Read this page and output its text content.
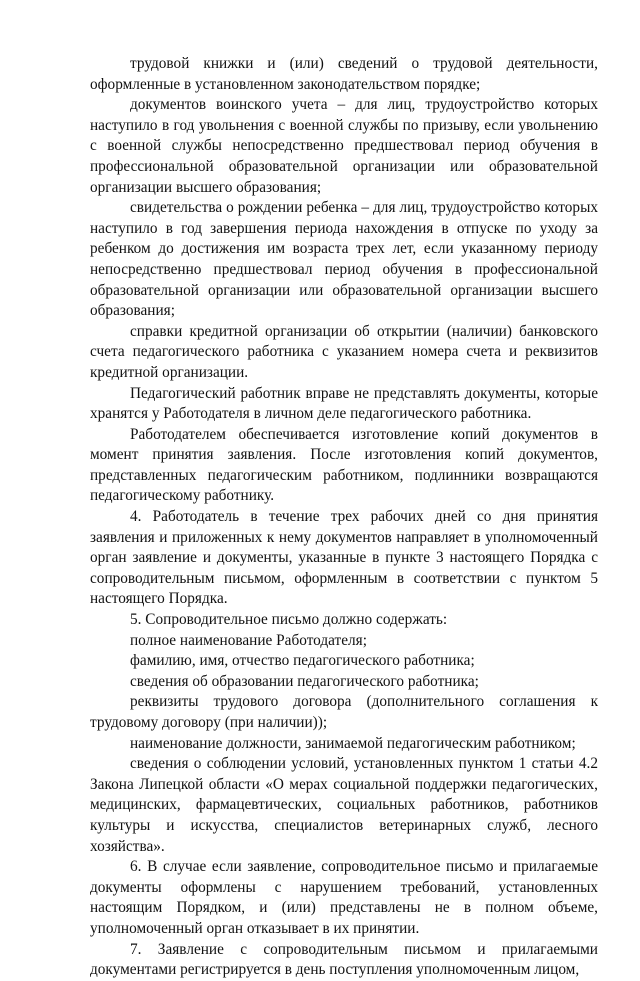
трудовой книжки и (или) сведений о трудовой деятельности, оформленные в установленном законодательством порядке;

документов воинского учета – для лиц, трудоустройство которых наступило в год увольнения с военной службы по призыву, если увольнению с военной службы непосредственно предшествовал период обучения в профессиональной образовательной организации или образовательной организации высшего образования;

свидетельства о рождении ребенка – для лиц, трудоустройство которых наступило в год завершения периода нахождения в отпуске по уходу за ребенком до достижения им возраста трех лет, если указанному периоду непосредственно предшествовал период обучения в профессиональной образовательной организации или образовательной организации высшего образования;

справки кредитной организации об открытии (наличии) банковского счета педагогического работника с указанием номера счета и реквизитов кредитной организации.

Педагогический работник вправе не представлять документы, которые хранятся у Работодателя в личном деле педагогического работника.

Работодателем обеспечивается изготовление копий документов в момент принятия заявления. После изготовления копий документов, представленных педагогическим работником, подлинники возвращаются педагогическому работнику.

4. Работодатель в течение трех рабочих дней со дня принятия заявления и приложенных к нему документов направляет в уполномоченный орган заявление и документы, указанные в пункте 3 настоящего Порядка с сопроводительным письмом, оформленным в соответствии с пунктом 5 настоящего Порядка.

5. Сопроводительное письмо должно содержать:

полное наименование Работодателя;

фамилию, имя, отчество педагогического работника;

сведения об образовании педагогического работника;

реквизиты трудового договора (дополнительного соглашения к трудовому договору (при наличии));

наименование должности, занимаемой педагогическим работником;

сведения о соблюдении условий, установленных пунктом 1 статьи 4.2 Закона Липецкой области «О мерах социальной поддержки педагогических, медицинских, фармацевтических, социальных работников, работников культуры и искусства, специалистов ветеринарных служб, лесного хозяйства».

6. В случае если заявление, сопроводительное письмо и прилагаемые документы оформлены с нарушением требований, установленных настоящим Порядком, и (или) представлены не в полном объеме, уполномоченный орган отказывает в их принятии.

7. Заявление с сопроводительным письмом и прилагаемыми документами регистрируется в день поступления уполномоченным лицом,
